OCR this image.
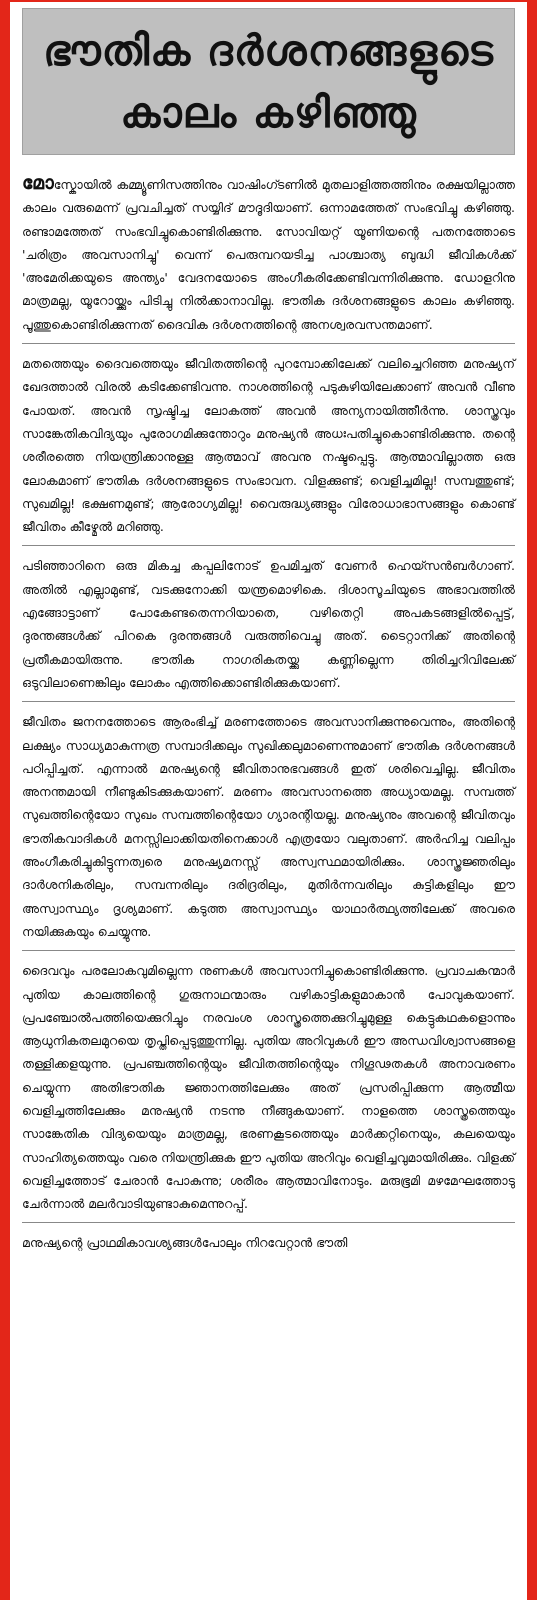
ഭൗതിക ദർശനങ്ങളുടെ
കാലം കഴിഞ്ഞു

മോസ്കോയിൽ കമ്മ്യൂണിസത്തിനും വാഷിംഗ്ടണിൽ മുതലാളിത്തത്തിനും രക്ഷയില്ലാത്ത കാലം വരുമെന്ന് പ്രവചിച്ചത് സയ്യിദ് മൗദൂദിയാണ്. ഒന്നാമത്തേത് സംഭവിച്ചു കഴിഞ്ഞു. രണ്ടാമത്തേത് സംഭവിച്ചുകൊണ്ടിരിക്കുന്നു. സോവിയറ്റ് യൂണിയന്റെ പതനത്തോടെ 'ചരിത്രം അവസാനിച്ചു' വെന്ന് പെരുമ്പറയടിച്ച പാശ്ചാത്യ ബുദ്ധി ജീവികൾക്ക് 'അമേരിക്കയുടെ അന്ത്യം' വേദനയോടെ അംഗീകരിക്കേണ്ടിവന്നിരിക്കുന്നു. ഡോളറിനു മാത്രമല്ല, യൂറോയ്ക്കും പിടിച്ചു നിൽക്കാനാവില്ല. ഭൗതിക ദർശനങ്ങളുടെ കാലം കഴിഞ്ഞു. പൂത്തുകൊണ്ടിരിക്കുന്നത് ദൈവിക ദർശനത്തിന്റെ അനശ്വരവസന്തമാണ്.

മതത്തെയും ദൈവത്തെയും ജീവിതത്തിന്റെ പുറമ്പോക്കിലേക്ക് വലിച്ചെറിഞ്ഞ മനുഷ്യന് ഖേദത്താൽ വിരൽ കടിക്കേണ്ടിവന്നു. നാശത്തിന്റെ പടുകുഴിയിലേക്കാണ് അവൻ വീണു പോയത്. അവൻ സൃഷ്ടിച്ച ലോകത്ത് അവൻ അന്യനായിത്തീർന്നു. ശാസ്ത്രവും സാങ്കേതികവിദ്യയും പുരോഗമിക്കുന്തോറും മനുഷ്യൻ അധഃപതിച്ചുകൊണ്ടിരിക്കുന്നു. തന്റെ ശരീരത്തെ നിയന്ത്രിക്കാനുള്ള ആത്മാവ് അവനു നഷ്ടപ്പെട്ടു. ആത്മാവില്ലാത്ത ഒരു ലോകമാണ് ഭൗതിക ദർശനങ്ങളുടെ സംഭാവന. വിളക്കുണ്ട്; വെളിച്ചമില്ല! സമ്പത്തുണ്ട്; സുഖമില്ല! ഭക്ഷണമുണ്ട്; ആരോഗ്യമില്ല! വൈരുദ്ധ്യങ്ങളും വിരോധാഭാസങ്ങളും കൊണ്ട് ജീവിതം കീഴ്മേൽ മറിഞ്ഞു.

പടിഞ്ഞാറിനെ ഒരു മികച്ച കപ്പലിനോട് ഉപമിച്ചത് വേണർ ഹെയ്സൻബർഗാണ്. അതിൽ എല്ലാമുണ്ട്, വടക്കുനോക്കി യന്ത്രമൊഴികെ. ദിശാസൂചിയുടെ അഭാവത്തിൽ എങ്ങോട്ടാണ് പോകേണ്ടതെന്നറിയാതെ, വഴിതെറ്റി അപകടങ്ങളിൽപ്പെട്ട്, ദുരന്തങ്ങൾക്ക് പിറകെ ദുരന്തങ്ങൾ വരുത്തിവെച്ചു അത്. ടൈറ്റാനിക്ക് അതിന്റെ പ്രതീകമായിരുന്നു. ഭൗതിക നാഗരികതയ്ക്കു കണ്ണില്ലെന്ന തിരിച്ചറിവിലേക്ക് ഒടുവിലാണെങ്കിലും ലോകം എത്തിക്കൊണ്ടിരിക്കുകയാണ്.

ജീവിതം ജനനത്തോടെ ആരംഭിച്ച് മരണത്തോടെ അവസാനിക്കുന്നുവെന്നും, അതിന്റെ ലക്ഷ്യം സാധ്യമാകുന്നത്ര സമ്പാദിക്കലും സുഖിക്കലുമാണെന്നുമാണ് ഭൗതിക ദർശനങ്ങൾ പഠിപ്പിച്ചത്. എന്നാൽ മനുഷ്യന്റെ ജീവിതാനുഭവങ്ങൾ ഇത് ശരിവെച്ചില്ല. ജീവിതം അനന്തമായി നീണ്ടുകിടക്കുകയാണ്. മരണം അവസാനത്തെ അധ്യായമല്ല. സമ്പത്ത് സുഖത്തിന്റെയോ സുഖം സമ്പത്തിന്റെയോ ഗ്യാരന്റിയല്ല. മനുഷ്യനും അവന്റെ ജീവിതവും ഭൗതികവാദികൾ മനസ്സിലാക്കിയതിനെക്കാൾ എത്രയോ വലുതാണ്. അർഹിച്ച വലിപ്പം അംഗീകരിച്ചുകിട്ടുന്നത്വരെ മനുഷ്യമനസ്സ് അസ്വസ്ഥമായിരിക്കും. ശാസ്ത്രജ്ഞരിലും ദാർശനികരിലും, സമ്പന്നരിലും ദരിദ്രരിലും, മുതിർന്നവരിലും കുട്ടികളിലും ഈ അസ്വാസ്ഥ്യം ദൃശ്യമാണ്. കടുത്ത അസ്വാസ്ഥ്യം യാഥാർത്ഥ്യത്തിലേക്ക് അവരെ നയിക്കുകയും ചെയ്യുന്നു.

ദൈവവും പരലോകവുമില്ലെന്ന നുണകൾ അവസാനിച്ചുകൊണ്ടിരിക്കുന്നു. പ്രവാചകന്മാർ പുതിയ കാലത്തിന്റെ ഗുരുനാഥന്മാരും വഴികാട്ടികളുമാകാൻ പോവുകയാണ്. പ്രപഞ്ചോൽപത്തിയെക്കുറിച്ചും നരവംശ ശാസ്ത്രത്തെക്കുറിച്ചുമുള്ള കെട്ടുകഥകളൊന്നും ആധുനികതലമുറയെ തൃപ്തിപ്പെടുത്തുന്നില്ല. പുതിയ അറിവുകൾ ഈ അന്ധവിശ്വാസങ്ങളെ തള്ളിക്കളയുന്നു. പ്രപഞ്ചത്തിന്റെയും ജീവിതത്തിന്റെയും നിഗൂഢതകൾ അനാവരണം ചെയ്യുന്ന അതിഭൗതിക ജ്ഞാനത്തിലേക്കും അത് പ്രസരിപ്പിക്കുന്ന ആത്മീയ വെളിച്ചത്തിലേക്കും മനുഷ്യൻ നടന്നു നീങ്ങുകയാണ്. നാളത്തെ ശാസ്ത്രത്തെയും സാങ്കേതിക വിദ്യയെയും മാത്രമല്ല, ഭരണകൂടത്തെയും മാർക്കറ്റിനെയും, കലയെയും സാഹിത്യത്തെയും വരെ നിയന്ത്രിക്കുക ഈ പുതിയ അറിവും വെളിച്ചവുമായിരിക്കും. വിളക്ക് വെളിച്ചത്തോട് ചേരാൻ പോകുന്നു; ശരീരം ആത്മാവിനോടും. മരുഭൂമി മഴമേഘത്തോടു ചേർന്നാൽ മലർവാടിയുണ്ടാകുമെന്നുറപ്പ്.

മനുഷ്യന്റെ പ്രാഥമികാവശ്യങ്ങൾപോലും നിറവേറ്റാൻ ഭൗതി
